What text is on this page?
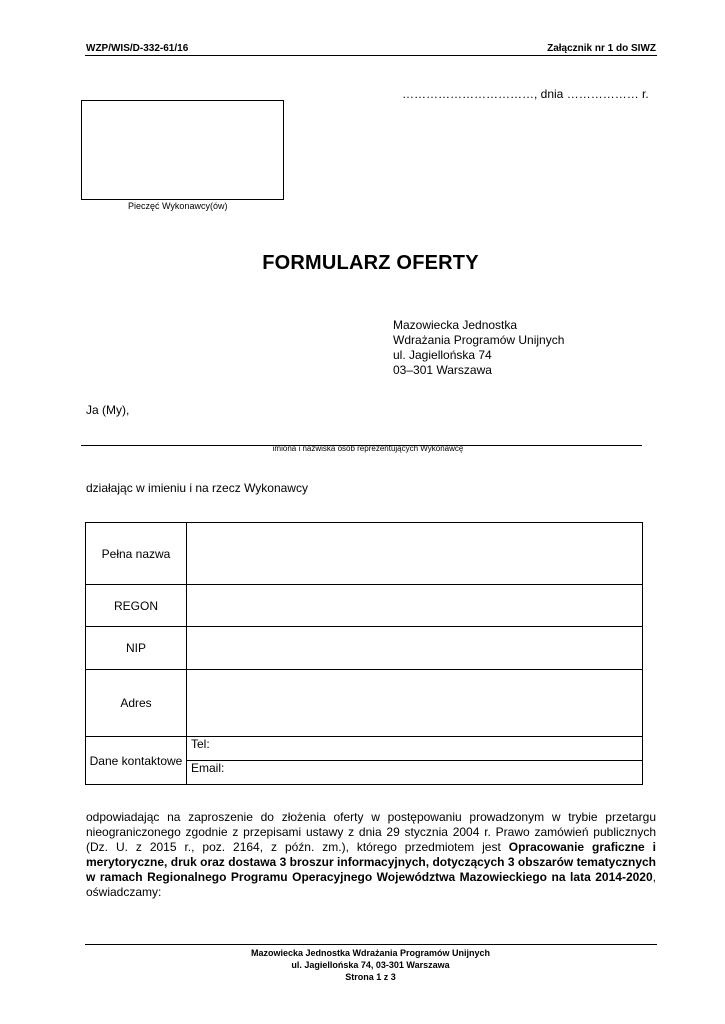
WZP/WIS/D-332-61/16	Załącznik nr 1 do SIWZ
……………………………, dnia ……………… r.
Pieczęć Wykonawcy(ów)
FORMULARZ OFERTY
Mazowiecka Jednostka
Wdrażania Programów Unijnych
ul. Jagiellońska 74
03–301 Warszawa
Ja (My),
imiona i nazwiska osób reprezentujących Wykonawcę
działając w imieniu i na rzecz Wykonawcy
Pełna nazwa	
REGON	
NIP	
Adres	
Dane kontaktowe	Tel:
	Email:
odpowiadając na zaproszenie do złożenia oferty w postępowaniu prowadzonym w trybie przetargu nieograniczonego zgodnie z przepisami ustawy z dnia 29 stycznia 2004 r. Prawo zamówień publicznych (Dz. U. z 2015 r., poz. 2164, z późn. zm.), którego przedmiotem jest Opracowanie graficzne i merytoryczne, druk oraz dostawa 3 broszur informacyjnych, dotyczących 3 obszarów tematycznych w ramach Regionalnego Programu Operacyjnego Województwa Mazowieckiego na lata 2014-2020, oświadczamy:
Mazowiecka Jednostka Wdrażania Programów Unijnych
ul. Jagiellońska 74, 03-301 Warszawa
Strona 1 z 3
